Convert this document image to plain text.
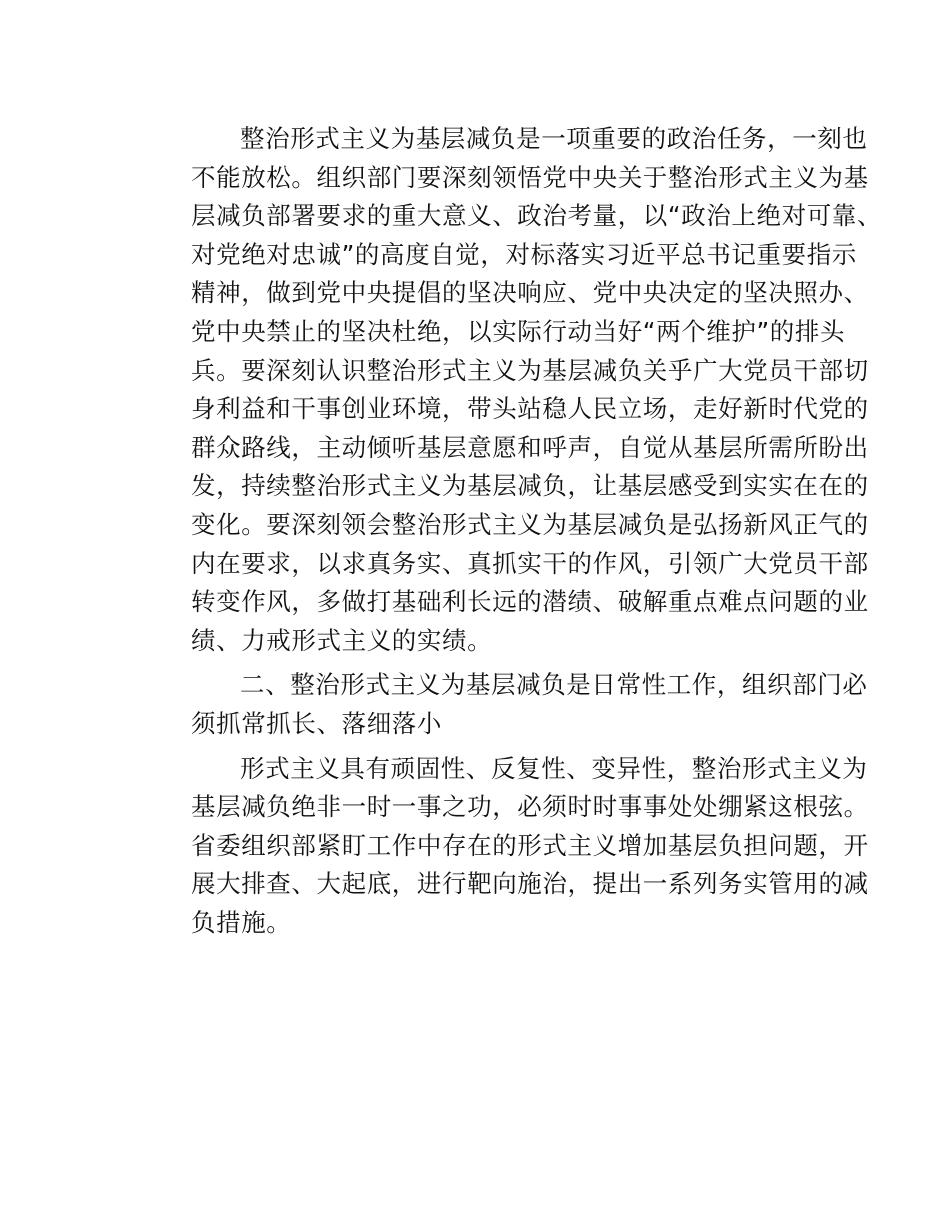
整治形式主义为基层减负是一项重要的政治任务，一刻也
不能放松。组织部门要深刻领悟党中央关于整治形式主义为基
层减负部署要求的重大意义、政治考量，以“政治上绝对可靠、
对党绝对忠诚”的高度自觉，对标落实习近平总书记重要指示
精神，做到党中央提倡的坚决响应、党中央决定的坚决照办、
党中央禁止的坚决杜绝，以实际行动当好“两个维护”的排头
兵。要深刻认识整治形式主义为基层减负关乎广大党员干部切
身利益和干事创业环境，带头站稳人民立场，走好新时代党的
群众路线，主动倾听基层意愿和呼声，自觉从基层所需所盼出
发，持续整治形式主义为基层减负，让基层感受到实实在在的
变化。要深刻领会整治形式主义为基层减负是弘扬新风正气的
内在要求，以求真务实、真抓实干的作风，引领广大党员干部
转变作风，多做打基础利长远的潜绩、破解重点难点问题的业
绩、力戒形式主义的实绩。
二、整治形式主义为基层减负是日常性工作，组织部门必
须抓常抓长、落细落小
形式主义具有顽固性、反复性、变异性，整治形式主义为
基层减负绝非一时一事之功，必须时时事事处处绷紧这根弦。
省委组织部紧盯工作中存在的形式主义增加基层负担问题，开
展大排查、大起底，进行靶向施治，提出一系列务实管用的减
负措施。
